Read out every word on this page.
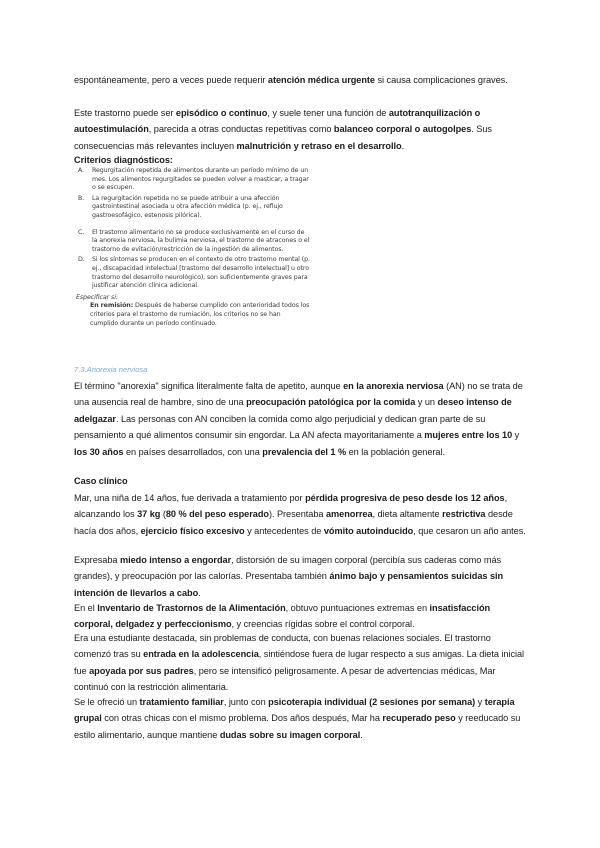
espontáneamente, pero a veces puede requerir atención médica urgente si causa complicaciones graves.

Este trastorno puede ser episódico o continuo, y suele tener una función de autotranquilización o autoestimulación, parecida a otras conductas repetitivas como balanceo corporal o autogolpes. Sus consecuencias más relevantes incluyen malnutrición y retraso en el desarrollo.

Criterios diagnósticos:

A. Regurgitación repetida de alimentos durante un período mínimo de un mes. Los alimentos regurgitados se pueden volver a masticar, a tragar o se escupen.
B. La regurgitación repetida no se puede atribuir a una afección gastrointestinal asociada u otra afección médica (p. ej., reflujo gastroesofágico, estenosis pilórica).
C. El trastorno alimentario no se produce exclusivamente en el curso de la anorexia nerviosa, la bulimia nerviosa, el trastorno de atracones o el trastorno de evitación/restricción de la ingestión de alimentos.
D. Si los síntomas se producen en el contexto de otro trastorno mental (p. ej., discapacidad intelectual [trastorno del desarrollo intelectual] u otro trastorno del desarrollo neurológico), son suficientemente graves para justificar atención clínica adicional.
Especificar si:
En remisión: Después de haberse cumplido con anterioridad todos los criterios para el trastorno de rumiación, los criterios no se han cumplido durante un período continuado.
7.3.Anorexia nerviosa

El término "anorexia" significa literalmente falta de apetito, aunque en la anorexia nerviosa (AN) no se trata de una ausencia real de hambre, sino de una preocupación patológica por la comida y un deseo intenso de adelgazar. Las personas con AN conciben la comida como algo perjudicial y dedican gran parte de su pensamiento a qué alimentos consumir sin engordar. La AN afecta mayoritariamente a mujeres entre los 10 y los 30 años en países desarrollados, con una prevalencia del 1 % en la población general.

Caso clínico

Mar, una niña de 14 años, fue derivada a tratamiento por pérdida progresiva de peso desde los 12 años, alcanzando los 37 kg (80 % del peso esperado). Presentaba amenorrea, dieta altamente restrictiva desde hacía dos años, ejercicio físico excesivo y antecedentes de vómito autoinducido, que cesaron un año antes.

Expresaba miedo intenso a engordar, distorsión de su imagen corporal (percibía sus caderas como más grandes), y preocupación por las calorías. Presentaba también ánimo bajo y pensamientos suicidas sin intención de llevarlos a cabo.

En el Inventario de Trastornos de la Alimentación, obtuvo puntuaciones extremas en insatisfacción corporal, delgadez y perfeccionismo, y creencias rígidas sobre el control corporal.

Era una estudiante destacada, sin problemas de conducta, con buenas relaciones sociales. El trastorno comenzó tras su entrada en la adolescencia, sintiéndose fuera de lugar respecto a sus amigas. La dieta inicial fue apoyada por sus padres, pero se intensificó peligrosamente. A pesar de advertencias médicas, Mar continuó con la restricción alimentaria.

Se le ofreció un tratamiento familiar, junto con psicoterapia individual (2 sesiones por semana) y terapia grupal con otras chicas con el mismo problema. Dos años después, Mar ha recuperado peso y reeducado su estilo alimentario, aunque mantiene dudas sobre su imagen corporal.
